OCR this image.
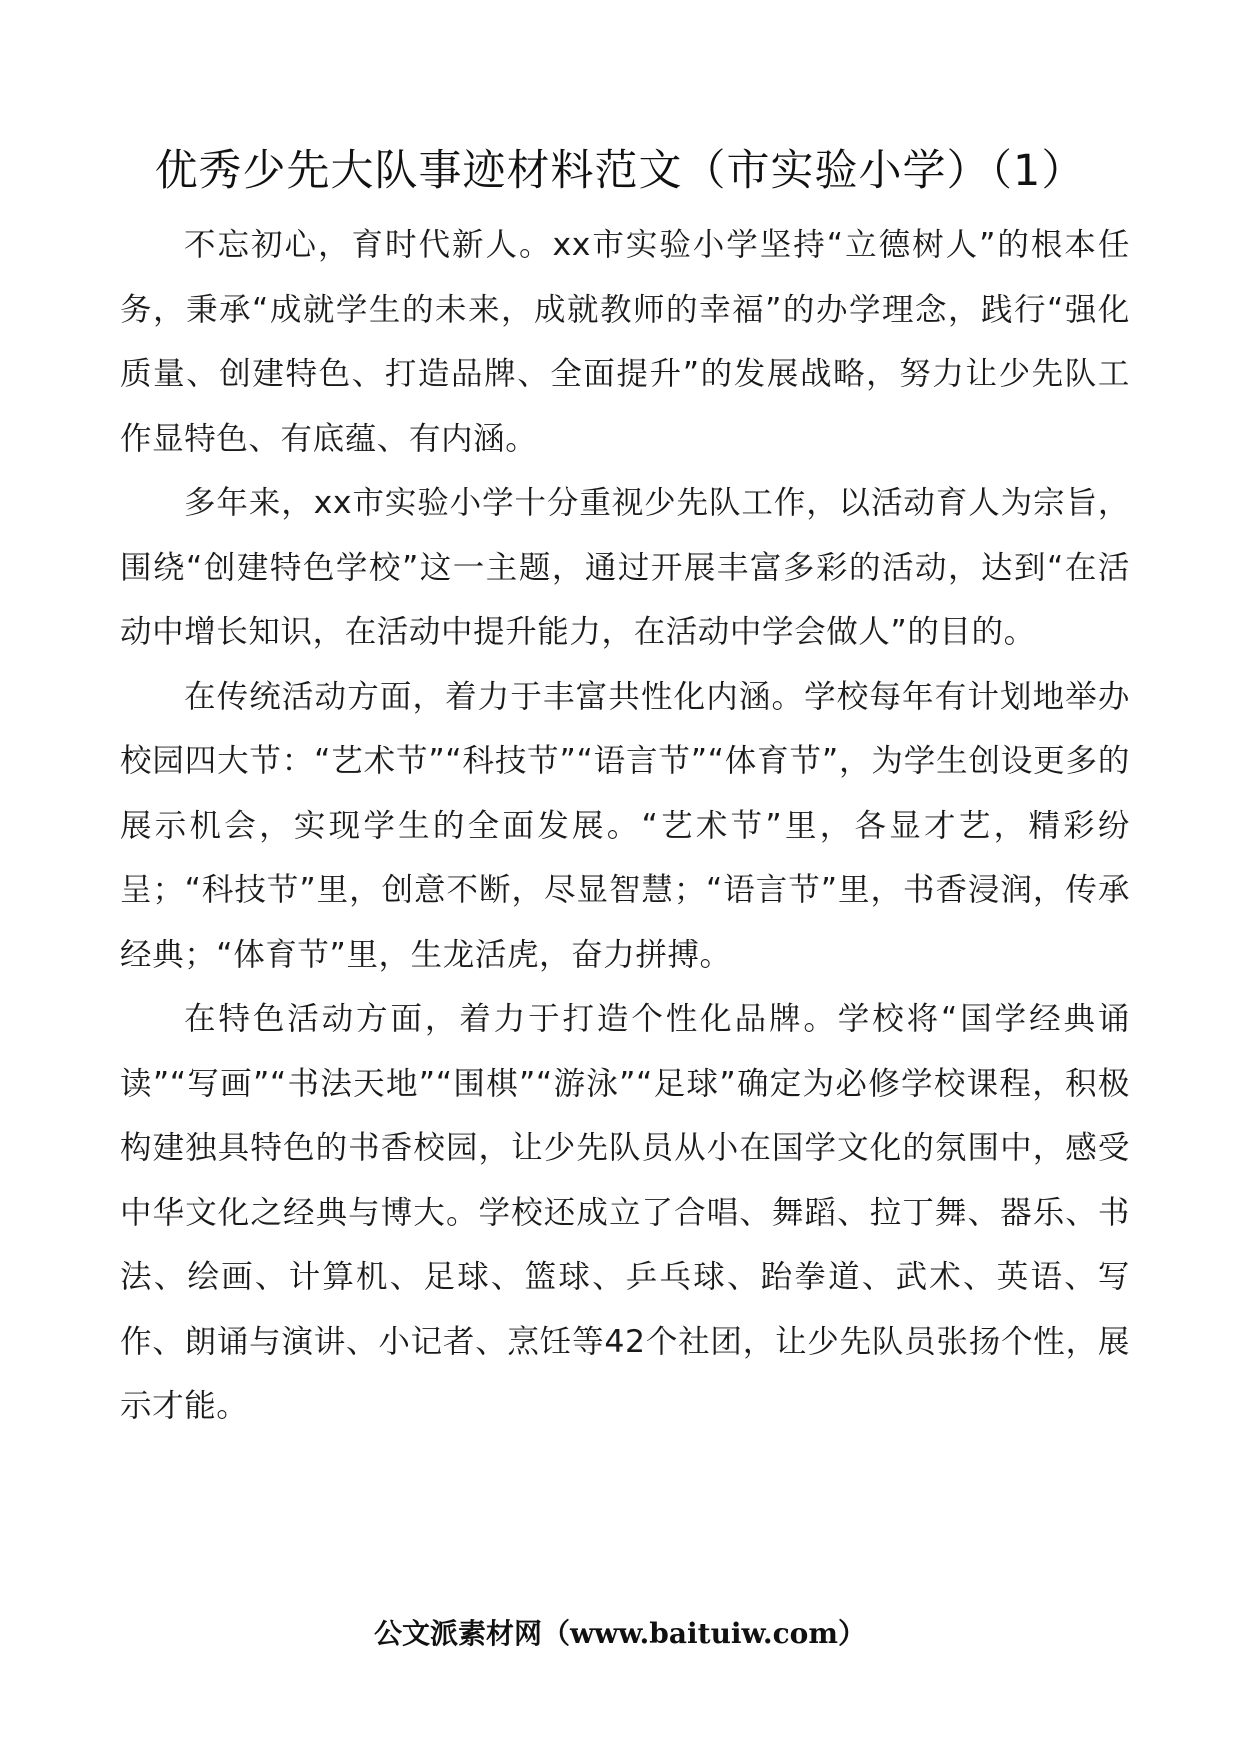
优秀少先大队事迹材料范文（市实验小学）（1）

不忘初心，育时代新人。xx市实验小学坚持“立德树人”的根本任务，秉承“成就学生的未来，成就教师的幸福”的办学理念，践行“强化质量、创建特色、打造品牌、全面提升”的发展战略，努力让少先队工作显特色、有底蕴、有内涵。

多年来，xx市实验小学十分重视少先队工作，以活动育人为宗旨，围绕“创建特色学校”这一主题，通过开展丰富多彩的活动，达到“在活动中增长知识，在活动中提升能力，在活动中学会做人”的目的。

在传统活动方面，着力于丰富共性化内涵。学校每年有计划地举办校园四大节：“艺术节”“科技节”“语言节”“体育节”，为学生创设更多的展示机会，实现学生的全面发展。“艺术节”里，各显才艺，精彩纷呈；“科技节”里，创意不断，尽显智慧；“语言节”里，书香浸润，传承经典；“体育节”里，生龙活虎，奋力拼搏。

在特色活动方面，着力于打造个性化品牌。学校将“国学经典诵读”“写画”“书法天地”“围棋”“游泳”“足球”确定为必修学校课程，积极构建独具特色的书香校园，让少先队员从小在国学文化的氛围中，感受中华文化之经典与博大。学校还成立了合唱、舞蹈、拉丁舞、器乐、书法、绘画、计算机、足球、篮球、乒乓球、跆拳道、武术、英语、写作、朗诵与演讲、小记者、烹饪等42个社团，让少先队员张扬个性，展示才能。

公文派素材网（www.baituiw.com）
